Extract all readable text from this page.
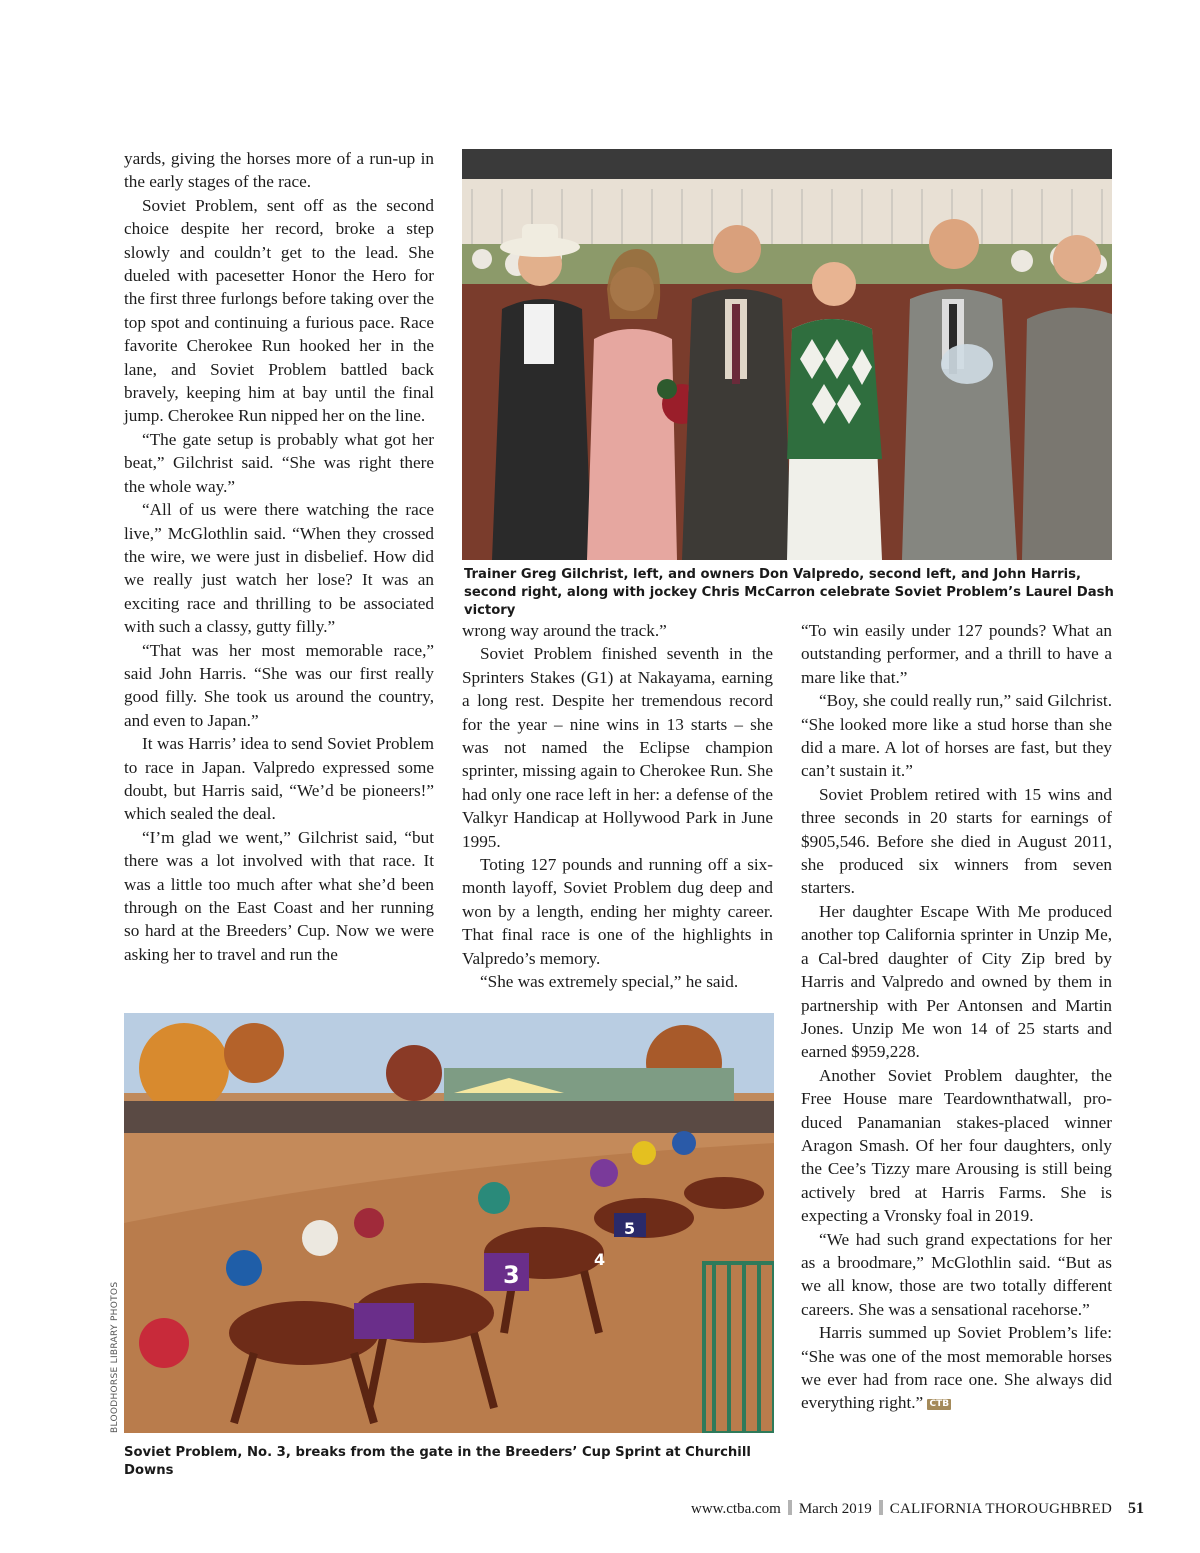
yards, giving the horses more of a run-up in the early stages of the race.

Soviet Problem, sent off as the second choice despite her record, broke a step slowly and couldn’t get to the lead. She dueled with pacesetter Honor the Hero for the first three furlongs before taking over the top spot and continuing a furious pace. Race favorite Cherokee Run hooked her in the lane, and Soviet Problem battled back bravely, keeping him at bay until the final jump. Cherokee Run nipped her on the line.

“The gate setup is probably what got her beat,” Gilchrist said. “She was right there the whole way.”

“All of us were there watching the race live,” McGlothlin said. “When they crossed the wire, we were just in disbelief. How did we really just watch her lose? It was an exciting race and thrilling to be associated with such a classy, gutty filly.”

“That was her most memorable race,” said John Harris. “She was our first really good filly. She took us around the country, and even to Japan.”

It was Harris’ idea to send Soviet Problem to race in Japan. Valpredo expressed some doubt, but Harris said, “We’d be pioneers!” which sealed the deal.

“I’m glad we went,” Gilchrist said, “but there was a lot involved with that race. It was a little too much after what she’d been through on the East Coast and her running so hard at the Breeders’ Cup. Now we were asking her to travel and run the

Trainer Greg Gilchrist, left, and owners Don Valpredo, second left, and John Harris, second right, along with jockey Chris McCarron celebrate Soviet Problem’s Laurel Dash victory

wrong way around the track.”

Soviet Problem finished seventh in the Sprinters Stakes (G1) at Nakayama, earning a long rest. Despite her tremendous record for the year – nine wins in 13 starts – she was not named the Eclipse champion sprinter, missing again to Cherokee Run. She had only one race left in her: a defense of the Valkyr Handicap at Hollywood Park in June 1995.

Toting 127 pounds and running off a six-month layoff, Soviet Problem dug deep and won by a length, ending her mighty career. That final race is one of the highlights in Valpredo’s memory.

“She was extremely special,” he said.

“To win easily under 127 pounds? What an outstanding performer, and a thrill to have a mare like that.”

“Boy, she could really run,” said Gilchrist. “She looked more like a stud horse than she did a mare. A lot of horses are fast, but they can’t sustain it.”

Soviet Problem retired with 15 wins and three seconds in 20 starts for earnings of $905,546. Before she died in August 2011, she produced six winners from seven starters.

Her daughter Escape With Me produced another top California sprinter in Unzip Me, a Cal-bred daughter of City Zip bred by Harris and Valpredo and owned by them in partnership with Per Antonsen and Martin Jones. Unzip Me won 14 of 25 starts and earned $959,228.

Another Soviet Problem daughter, the Free House mare Teardownthatwall, produced Panamanian stakes-placed winner Aragon Smash. Of her four daughters, only the Cee’s Tizzy mare Arousing is still being actively bred at Harris Farms. She is expecting a Vronsky foal in 2019.

“We had such grand expectations for her as a broodmare,” McGlothlin said. “But as we all know, those are two totally different careers. She was a sensational racehorse.”

Harris summed up Soviet Problem’s life: “She was one of the most memorable horses we ever had from race one. She always did everything right.” CTB

3
5
4
BLOODHORSE LIBRARY PHOTOS
Soviet Problem, No. 3, breaks from the gate in the Breeders’ Cup Sprint at Churchill Downs
www.ctba.com March 2019 CALIFORNIA THOROUGHBRED 51
